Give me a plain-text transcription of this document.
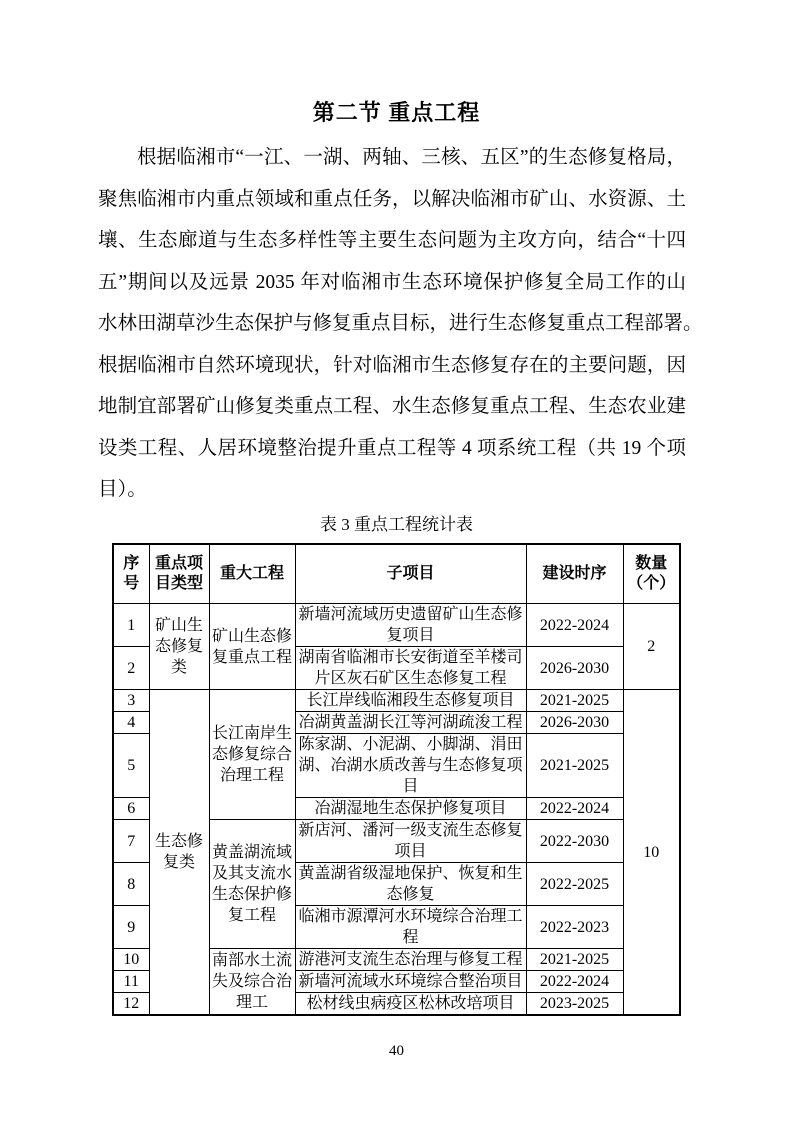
第二节 重点工程
根据临湘市“一江、一湖、两轴、三核、五区”的生态修复格局，
聚焦临湘市内重点领域和重点任务，以解决临湘市矿山、水资源、土
壤、生态廊道与生态多样性等主要生态问题为主攻方向，结合“十四
五”期间以及远景 2035 年对临湘市生态环境保护修复全局工作的山
水林田湖草沙生态保护与修复重点目标，进行生态修复重点工程部署。
根据临湘市自然环境现状，针对临湘市生态修复存在的主要问题，因
地制宜部署矿山修复类重点工程、水生态修复重点工程、生态农业建
设类工程、人居环境整治提升重点工程等 4 项系统工程（共 19 个项
目）。
表 3 重点工程统计表
序号	重点项目类型	重大工程	子项目	建设时序	数量（个）
1	矿山生态修复类	矿山生态修复重点工程	新墙河流域历史遗留矿山生态修复项目	2022-2024	2
2			湖南省临湘市长安街道至羊楼司片区灰石矿区生态修复工程	2026-2030	
3	生态修复类	长江南岸生态修复综合治理工程	长江岸线临湘段生态修复项目	2021-2025	10
4			冶湖黄盖湖长江等河湖疏浚工程	2026-2030	
5			陈家湖、小泥湖、小脚湖、涓田湖、冶湖水质改善与生态修复项目	2021-2025	
6			冶湖湿地生态保护修复项目	2022-2024	
7		黄盖湖流域及其支流水生态保护修复工程	新店河、潘河一级支流生态修复项目	2022-2030	
8			黄盖湖省级湿地保护、恢复和生态修复	2022-2025	
9			临湘市源潭河水环境综合治理工程	2022-2023	
10		南部水土流失及综合治理工	游港河支流生态治理与修复工程	2021-2025	
11			新墙河流域水环境综合整治项目	2022-2024	
12			松材线虫病疫区松林改培项目	2023-2025	
40
